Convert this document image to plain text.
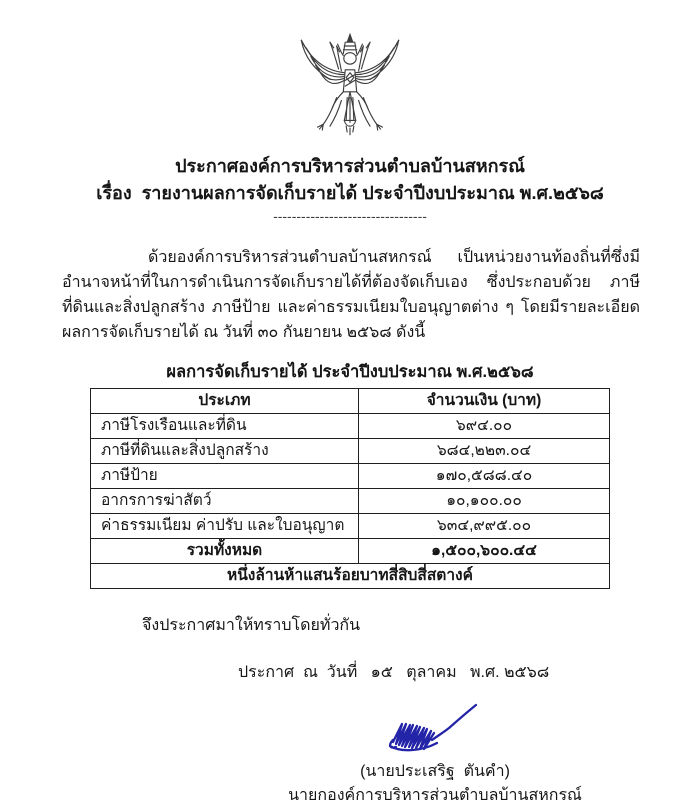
ประกาศองค์การบริหารส่วนตำบลบ้านสหกรณ์
เรื่อง  รายงานผลการจัดเก็บรายได้ ประจำปีงบประมาณ พ.ศ.๒๕๖๘
---------------------------------

ด้วยองค์การบริหารส่วนตำบลบ้านสหกรณ์  เป็นหน่วยงานท้องถิ่นที่ซึ่งมีอำนาจหน้าที่ในการดำเนินการจัดเก็บรายได้ที่ต้องจัดเก็บเอง ซึ่งประกอบด้วย ภาษีที่ดินและสิ่งปลูกสร้าง ภาษีป้าย และค่าธรรมเนียมใบอนุญาตต่าง ๆ โดยมีรายละเอียดผลการจัดเก็บรายได้ ณ วันที่ ๓๐ กันยายน ๒๕๖๘ ดังนี้

ผลการจัดเก็บรายได้ ประจำปีงบประมาณ พ.ศ.๒๕๖๘
ประเภท	จำนวนเงิน (บาท)
ภาษีโรงเรือนและที่ดิน	๖๙๔.๐๐
ภาษีที่ดินและสิ่งปลูกสร้าง	๖๘๔,๒๒๓.๐๔
ภาษีป้าย	๑๗๐,๕๘๘.๔๐
อากรการฆ่าสัตว์	๑๐,๑๐๐.๐๐
ค่าธรรมเนียม ค่าปรับ และใบอนุญาต	๖๓๔,๙๙๕.๐๐
รวมทั้งหมด	๑,๕๐๐,๖๐๐.๔๔
หนึ่งล้านห้าแสนร้อยบาทสี่สิบสี่สตางค์	
จึงประกาศมาให้ทราบโดยทั่วกัน
ประกาศ  ณ  วันที่   ๑๕   ตุลาคม   พ.ศ. ๒๕๖๘
(นายประเสริฐ  ตันคำ)
นายกองค์การบริหารส่วนตำบลบ้านสหกรณ์
